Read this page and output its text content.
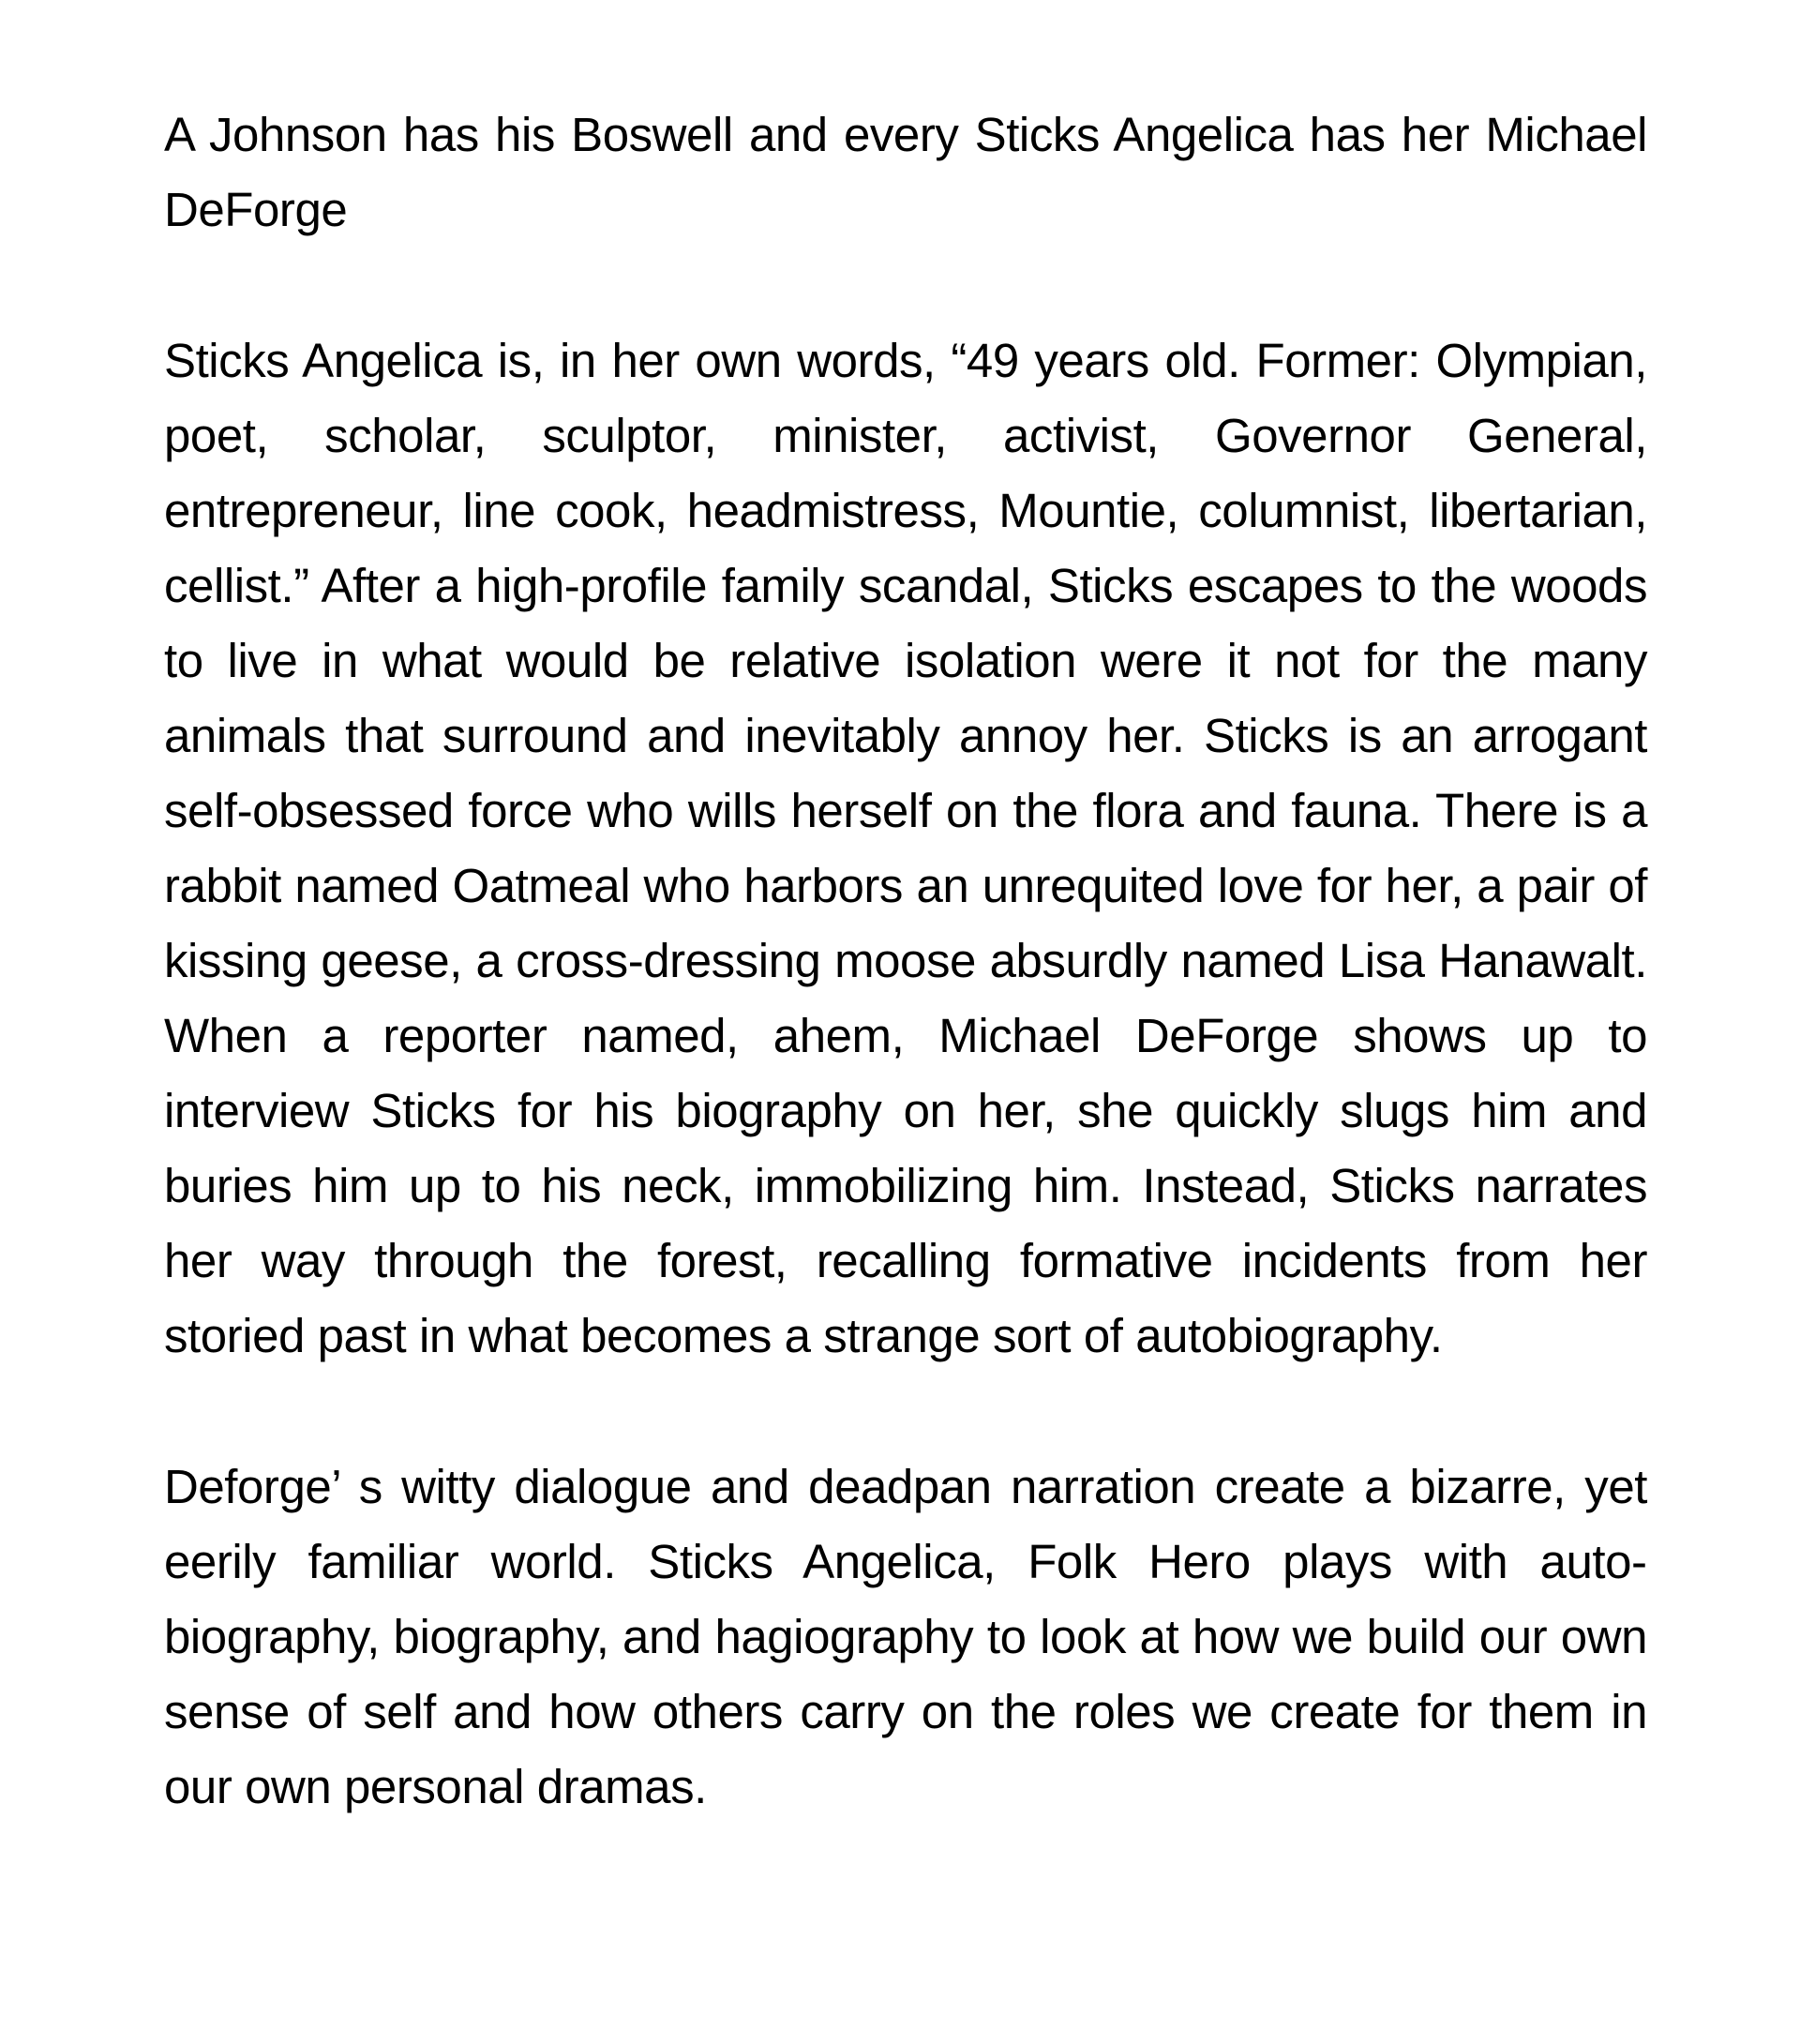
A Johnson has his Boswell and every Sticks Angelica has her Michael DeForge

Sticks Angelica is, in her own words, “49 years old. Former: Olympian, poet, scholar, sculptor, minister, activist, Governor General, entrepreneur, line cook, headmistress, Mountie, columnist, libertarian, cellist.” After a high-profile family scandal, Sticks escapes to the woods to live in what would be relative isolation were it not for the many animals that surround and inevitably annoy her. Sticks is an arrogant self-obsessed force who wills herself on the flora and fauna. There is a rabbit named Oatmeal who harbors an unrequited love for her, a pair of kissing geese, a cross-dressing moose absurdly named Lisa Hanawalt. When a reporter named, ahem, Michael DeForge shows up to interview Sticks for his biography on her, she quickly slugs him and buries him up to his neck, immobilizing him. Instead, Sticks narrates her way through the forest, recalling formative incidents from her storied past in what becomes a strange sort of autobiography.

Deforge’ s witty dialogue and deadpan narration create a bizarre, yet eerily familiar world. Sticks Angelica, Folk Hero plays with autobiography, biography, and hagiography to look at how we build our own sense of self and how others carry on the roles we create for them in our own personal dramas.
